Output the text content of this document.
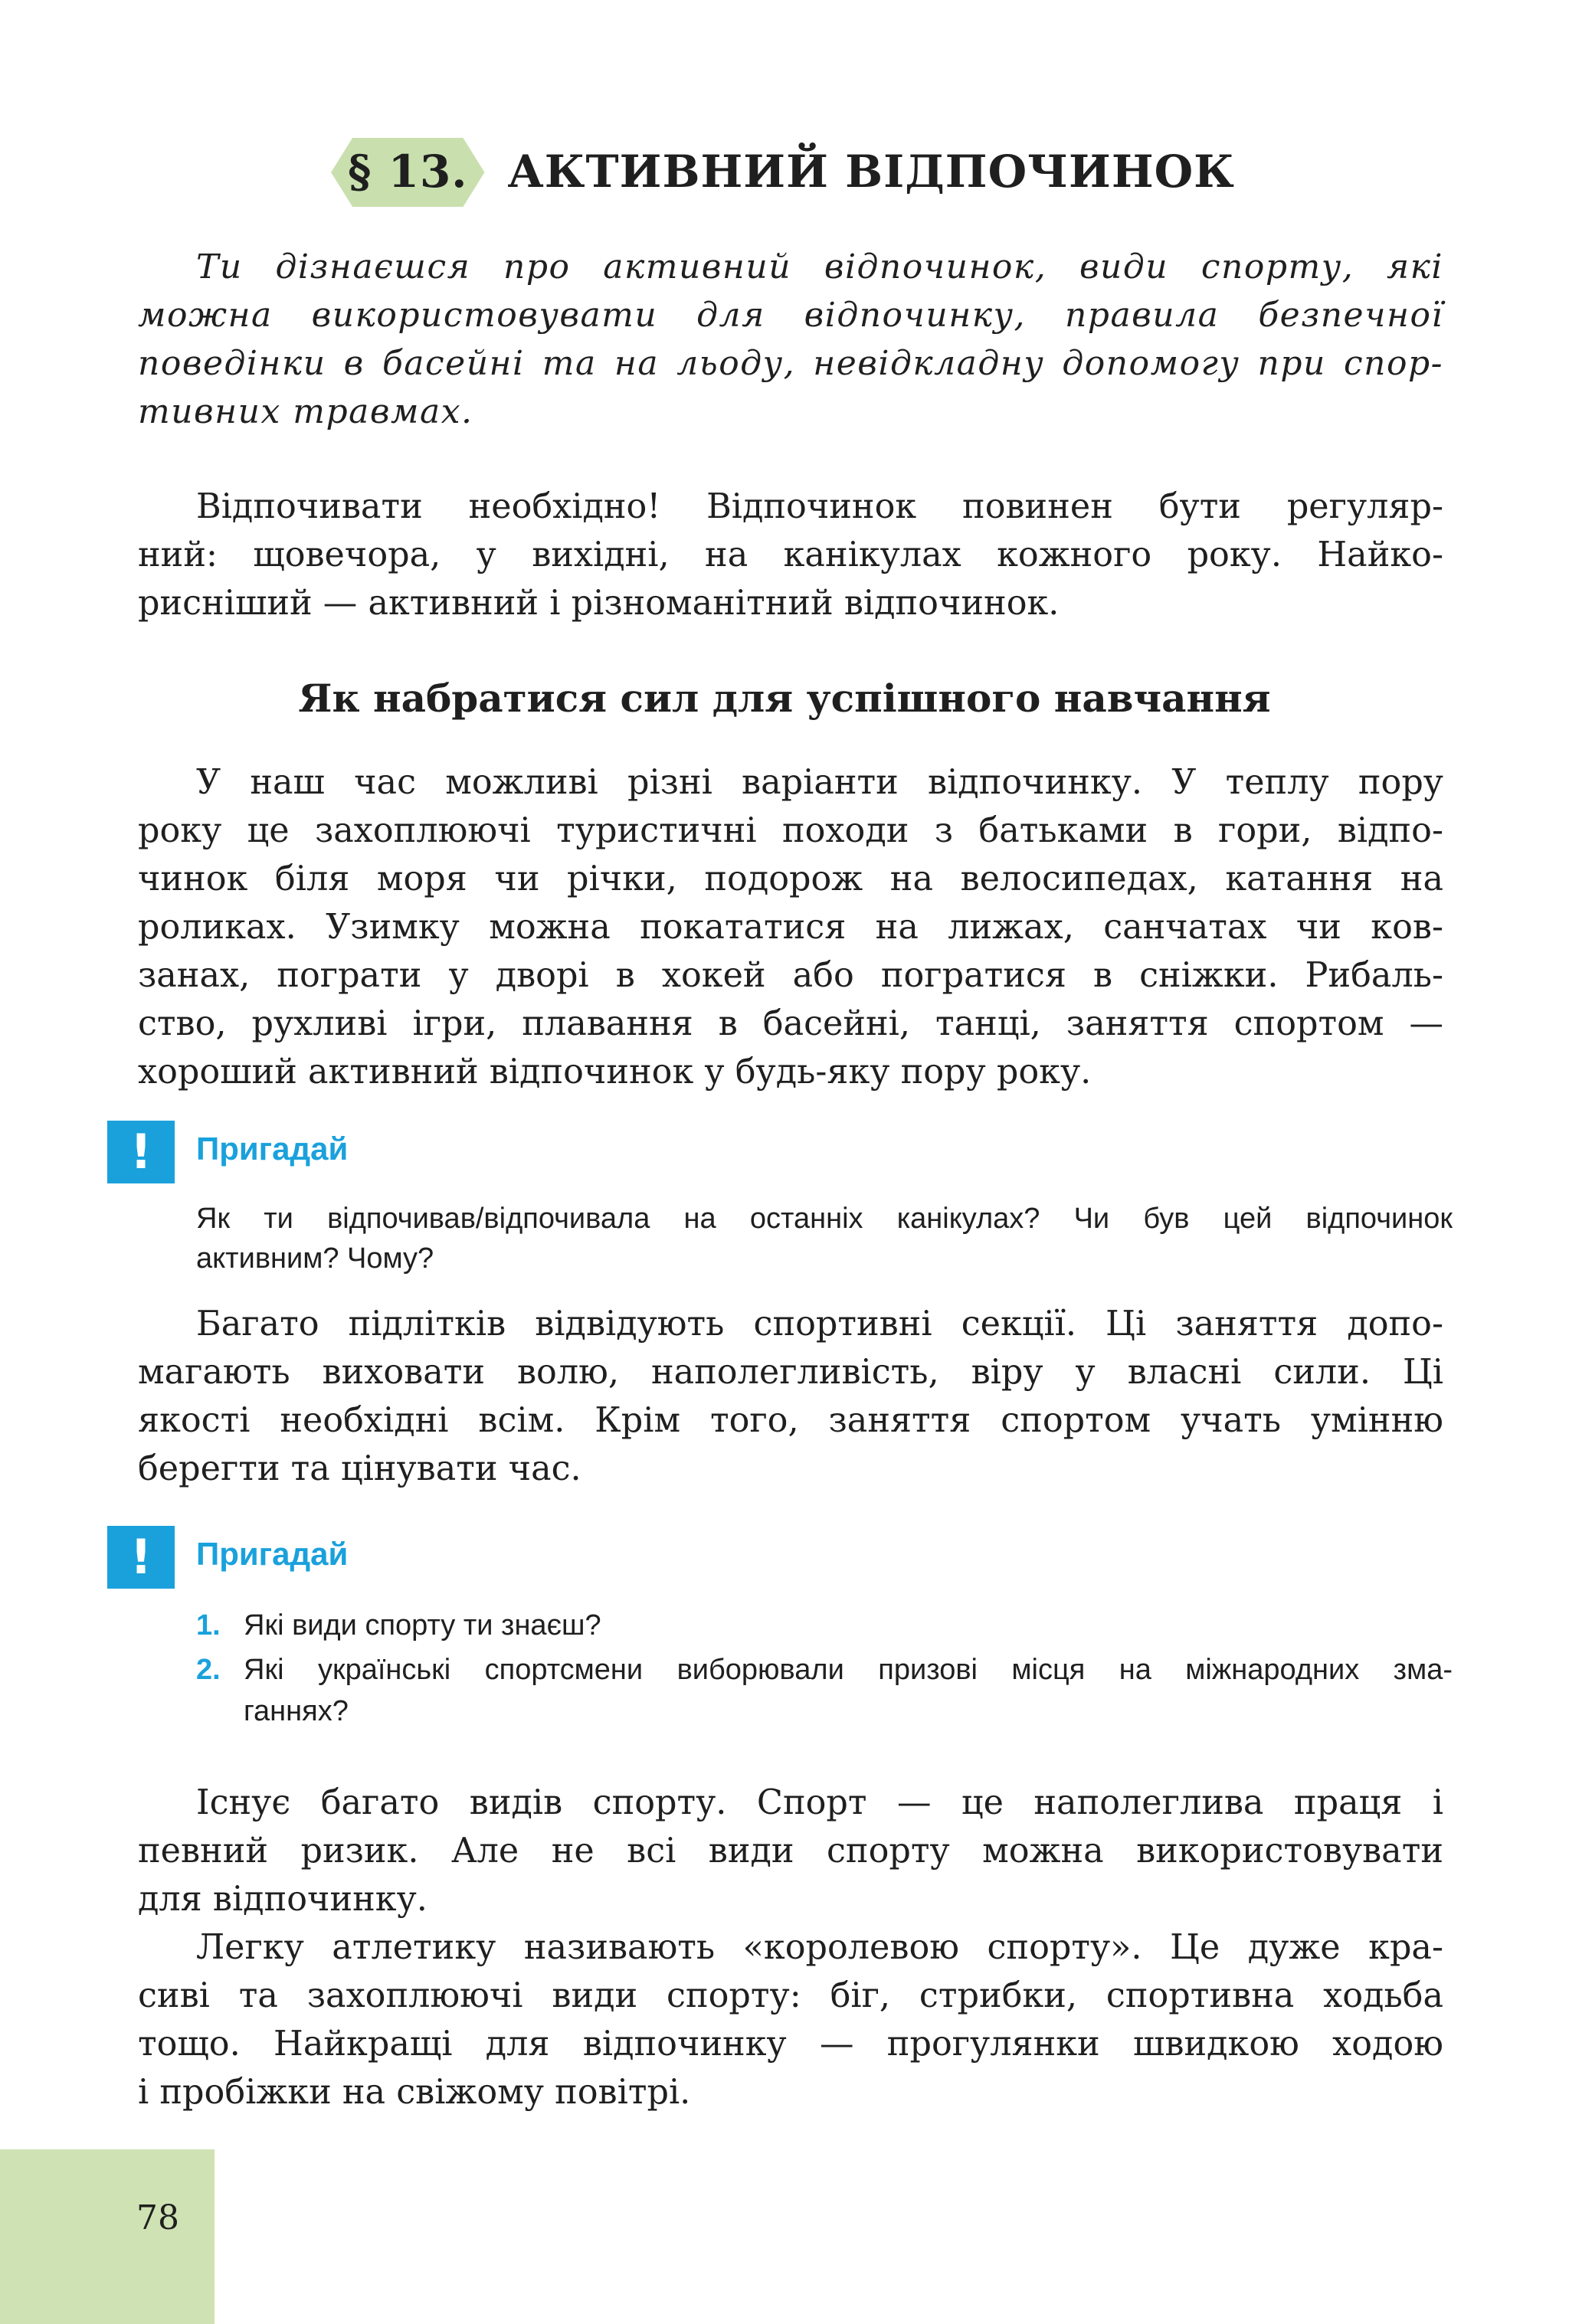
§ 13. АКТИВНИЙ ВІДПОЧИНОК
Ти дізнаєшся про активний відпочинок, види спорту, які
можна використовувати для відпочинку, правила безпечної
поведінки в басейні та на льоду, невідкладну допомогу при спор-
тивних травмах.
Відпочивати необхідно! Відпочинок повинен бути регуляр-
ний: щовечора, у вихідні, на канікулах кожного року. Найко-
рисніший — активний і різноманітний відпочинок.
Як набратися сил для успішного навчання
У наш час можливі різні варіанти відпочинку. У теплу пору
року це захоплюючі туристичні походи з батьками в гори, відпо-
чинок біля моря чи річки, подорож на велосипедах, катання на
роликах. Узимку можна покататися на лижах, санчатах чи ков-
занах, пограти у дворі в хокей або погратися в сніжки. Рибаль-
ство, рухливі ігри, плавання в басейні, танці, заняття спортом —
хороший активний відпочинок у будь-яку пору року.
!	Пригадай
Як ти відпочивав/відпочивала на останніх канікулах? Чи був цей відпочинок
активним? Чому?
Багато підлітків відвідують спортивні секції. Ці заняття допо-
магають виховати волю, наполегливість, віру у власні сили. Ці
якості необхідні всім. Крім того, заняття спортом учать умінню
берегти та цінувати час.
!	Пригадай
1. Які види спорту ти знаєш?
2. Які українські спортсмени виборювали призові місця на міжнародних зма-
ганнях?
Існує багато видів спорту. Спорт — це наполеглива праця і
певний ризик. Але не всі види спорту можна використовувати
для відпочинку.
Легку атлетику називають «королевою спорту». Це дуже кра-
сиві та захоплюючі види спорту: біг, стрибки, спортивна ходьба
тощо. Найкращі для відпочинку — прогулянки швидкою ходою
і пробіжки на свіжому повітрі.
78
